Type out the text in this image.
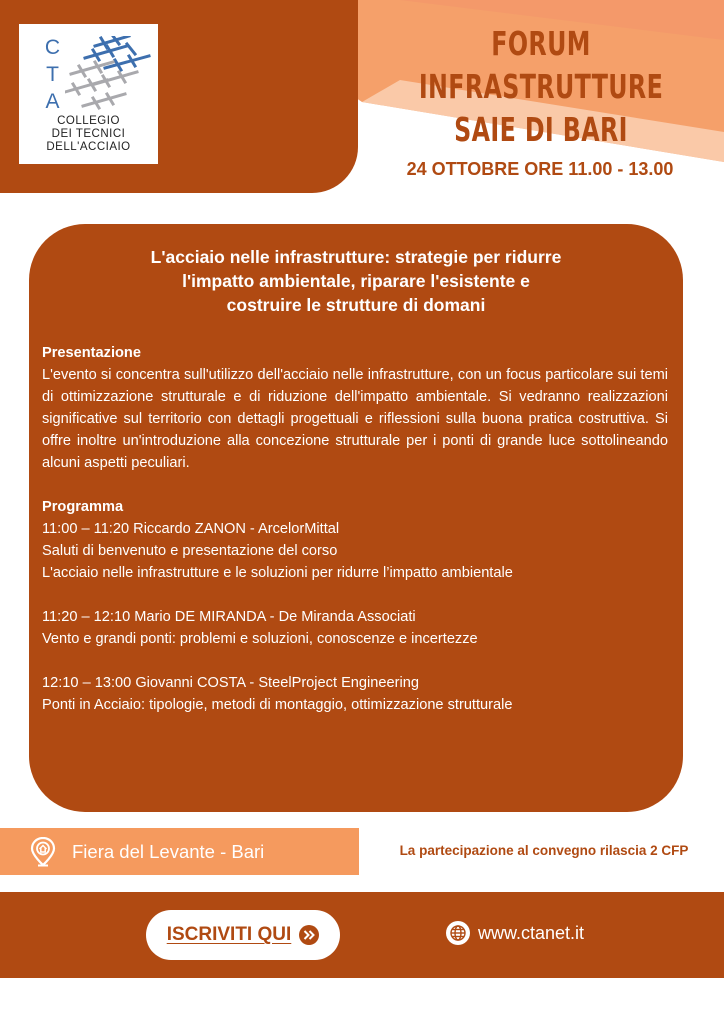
C
T
A
COLLEGIO
DEI TECNICI
DELL'ACCIAIO
FORUM INFRASTRUTTURE
SAIE DI BARI
24 OTTOBRE ORE 11.00 - 13.00
L'acciaio nelle infrastrutture: strategie per ridurre
l'impatto ambientale, riparare l'esistente e
costruire le strutture di domani
Presentazione

L'evento si concentra sull'utilizzo dell'acciaio nelle infrastrutture, con un focus particolare sui temi di ottimizzazione strutturale e di riduzione dell'impatto ambientale. Si vedranno realizzazioni significative sul territorio con dettagli progettuali e riflessioni sulla buona pratica costruttiva. Si offre inoltre un'introduzione alla concezione strutturale per i ponti di grande luce sottolineando alcuni aspetti peculiari.

Programma
11:00 – 11:20 Riccardo ZANON - ArcelorMittal
Saluti di benvenuto e presentazione del corso
L'acciaio nelle infrastrutture e le soluzioni per ridurre l’impatto ambientale
11:20 – 12:10 Mario DE MIRANDA - De Miranda Associati
Vento e grandi ponti: problemi e soluzioni, conoscenze e incertezze
12:10 – 13:00 Giovanni COSTA - SteelProject Engineering
Ponti in Acciaio: tipologie, metodi di montaggio, ottimizzazione strutturale
Fiera del Levante - Bari	La partecipazione al convegno rilascia 2 CFP
ISCRIVITI QUI	www.ctanet.it
